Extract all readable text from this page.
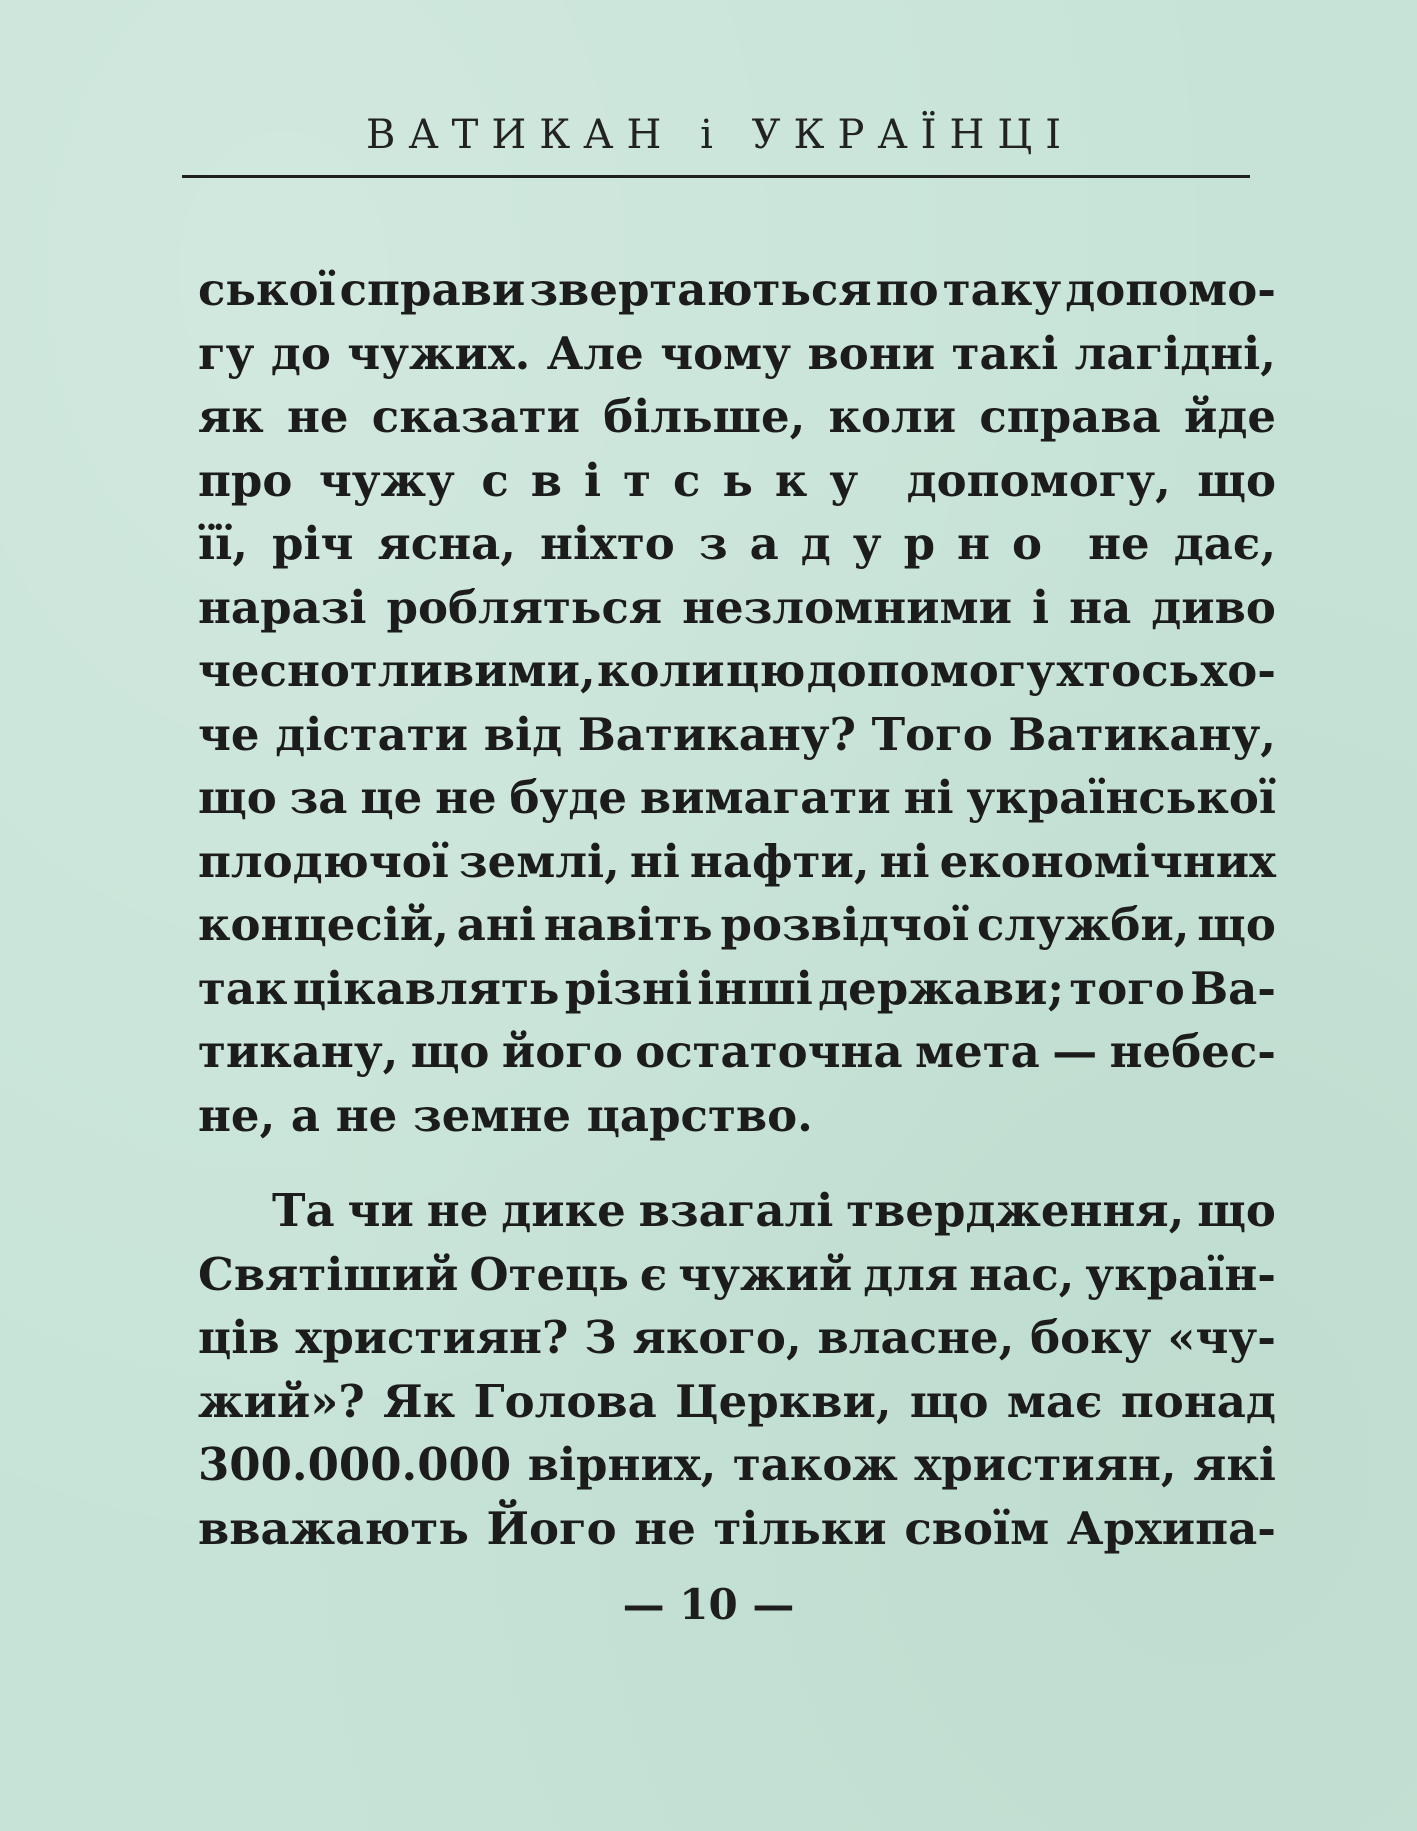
ВАТИКАН і УКРАЇНЦІ
ської справи звертаються по таку допомо-
гу до чужих. Але чому вони такі лагідні,
як не сказати більше, коли справа йде
про чужу світську допомогу, що
її, річ ясна, ніхто задурно не дає,
наразі робляться незломними і на диво
чеснотливими, коли цю допомогу хтось хо-
че дістати від Ватикану? Того Ватикану,
що за це не буде вимагати ні української
плодючої землі, ні нафти, ні економічних
концесій, ані навіть розвідчої служби, що
так цікавлять різні інші держави; того Ва-
тикану, що його остаточна мета — небес-
не,
а
не
земне
царство.
Та чи не дике взагалі твердження, що
Святіший Отець є чужий для нас, україн-
ців християн? З якого, власне, боку «чу-
жий»? Як Голова Церкви, що має понад
300.000.000 вірних, також християн, які
вважають Його не тільки своїм Архипа-
— 10 —
